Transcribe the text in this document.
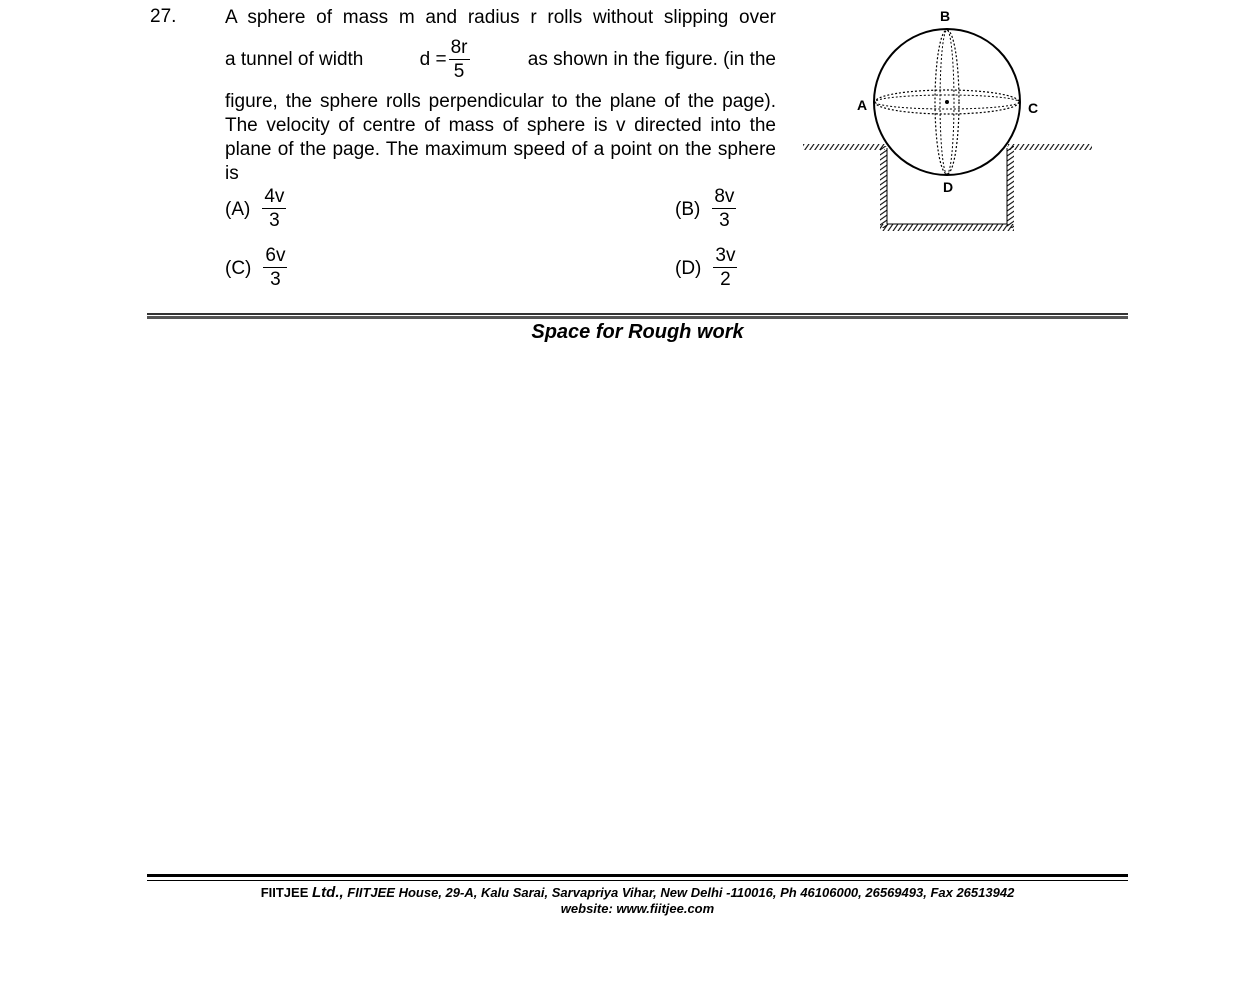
27.	A sphere of mass m and radius r rolls without slipping over

a tunnel of width	$d = \frac{8r}{5}$	as shown in the figure. (in the

figure, the sphere rolls perpendicular to the plane of the page). The velocity of centre of mass of sphere is v directed into the plane of the page. The maximum speed of a point on the sphere is

$(A) \frac{4v}{3}$	$(B) \frac{8v}{3}$
$(C) \frac{6v}{3}$	$(D) \frac{3v}{2}$
B
A	C
D
Space for Rough work
FIITJEE Ltd., FIITJEE House, 29-A, Kalu Sarai, Sarvapriya Vihar, New Delhi -110016, Ph 46106000, 26569493, Fax 26513942
website: www.fiitjee.com
